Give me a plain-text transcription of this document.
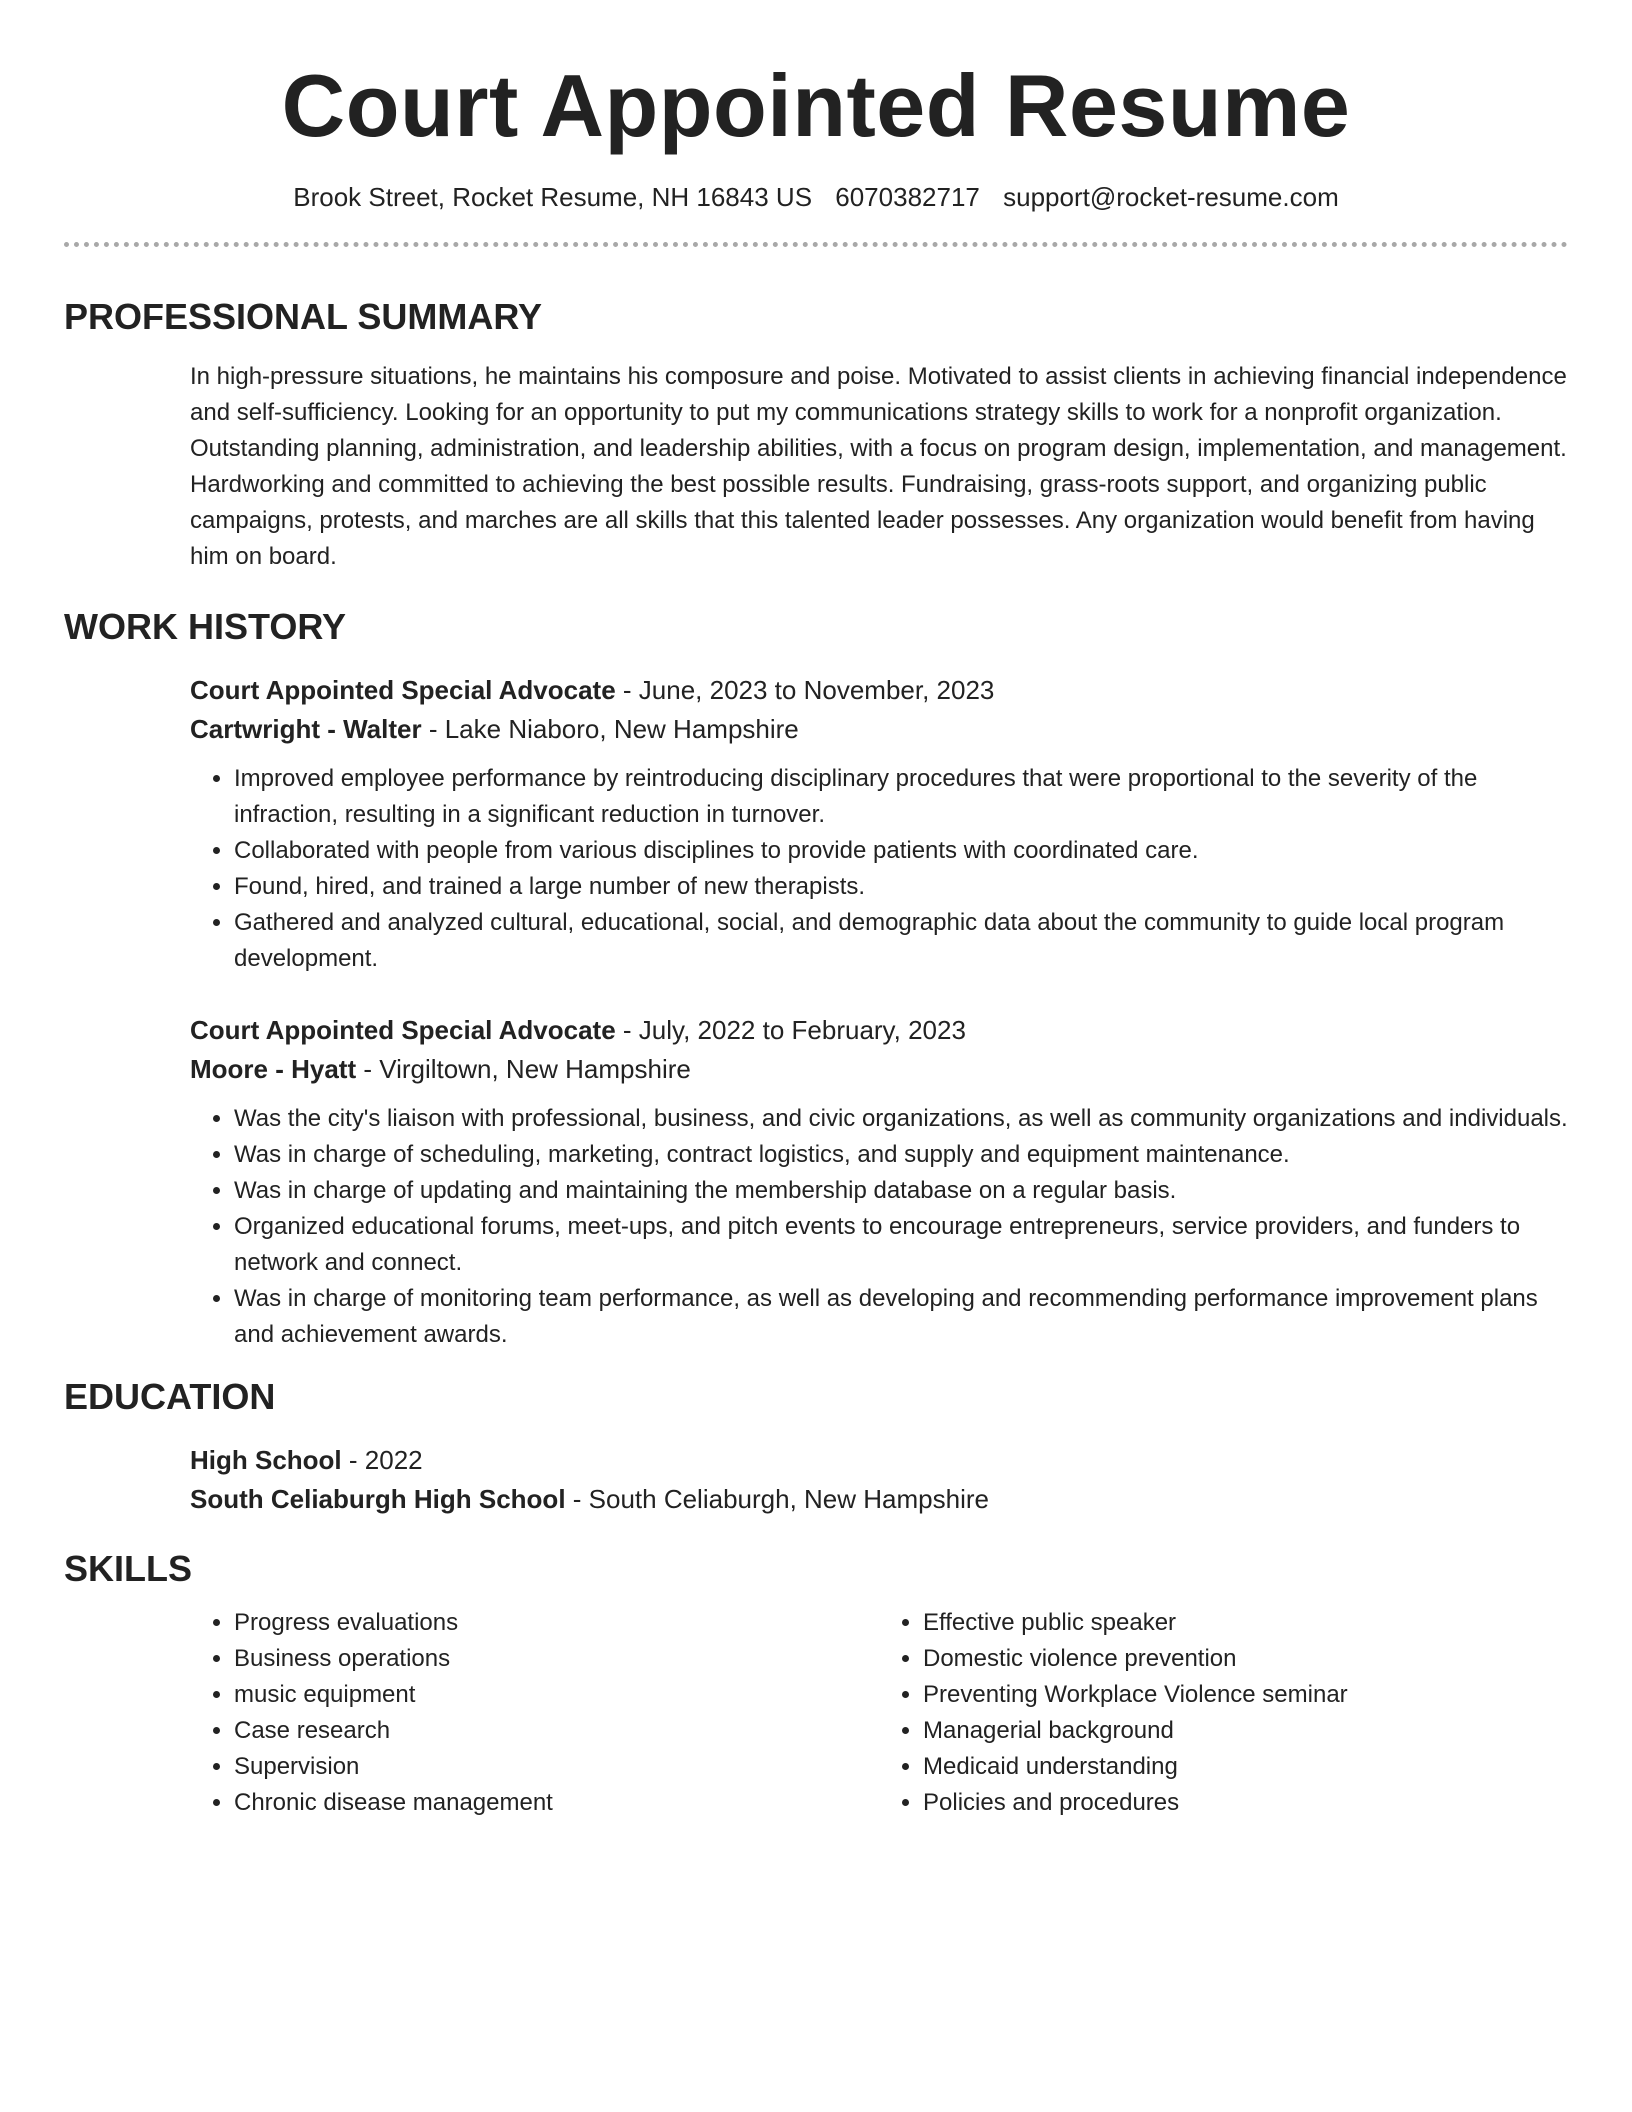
Court Appointed Resume
Brook Street, Rocket Resume, NH 16843 US 6070382717 support@rocket-resume.com
PROFESSIONAL SUMMARY
In high-pressure situations, he maintains his composure and poise. Motivated to assist clients in achieving financial independence and self-sufficiency. Looking for an opportunity to put my communications strategy skills to work for a nonprofit organization. Outstanding planning, administration, and leadership abilities, with a focus on program design, implementation, and management. Hardworking and committed to achieving the best possible results. Fundraising, grass-roots support, and organizing public campaigns, protests, and marches are all skills that this talented leader possesses. Any organization would benefit from having him on board.
WORK HISTORY
Court Appointed Special Advocate - June, 2023 to November, 2023
Cartwright - Walter - Lake Niaboro, New Hampshire
• Improved employee performance by reintroducing disciplinary procedures that were proportional to the severity of the infraction, resulting in a significant reduction in turnover.
• Collaborated with people from various disciplines to provide patients with coordinated care.
• Found, hired, and trained a large number of new therapists.
• Gathered and analyzed cultural, educational, social, and demographic data about the community to guide local program development.
Court Appointed Special Advocate - July, 2022 to February, 2023
Moore - Hyatt - Virgiltown, New Hampshire
• Was the city's liaison with professional, business, and civic organizations, as well as community organizations and individuals.
• Was in charge of scheduling, marketing, contract logistics, and supply and equipment maintenance.
• Was in charge of updating and maintaining the membership database on a regular basis.
• Organized educational forums, meet-ups, and pitch events to encourage entrepreneurs, service providers, and funders to network and connect.
• Was in charge of monitoring team performance, as well as developing and recommending performance improvement plans and achievement awards.
EDUCATION
High School - 2022
South Celiaburgh High School - South Celiaburgh, New Hampshire
SKILLS
• Progress evaluations
• Business operations
• music equipment
• Case research
• Supervision
• Chronic disease management
• Effective public speaker
• Domestic violence prevention
• Preventing Workplace Violence seminar
• Managerial background
• Medicaid understanding
• Policies and procedures
